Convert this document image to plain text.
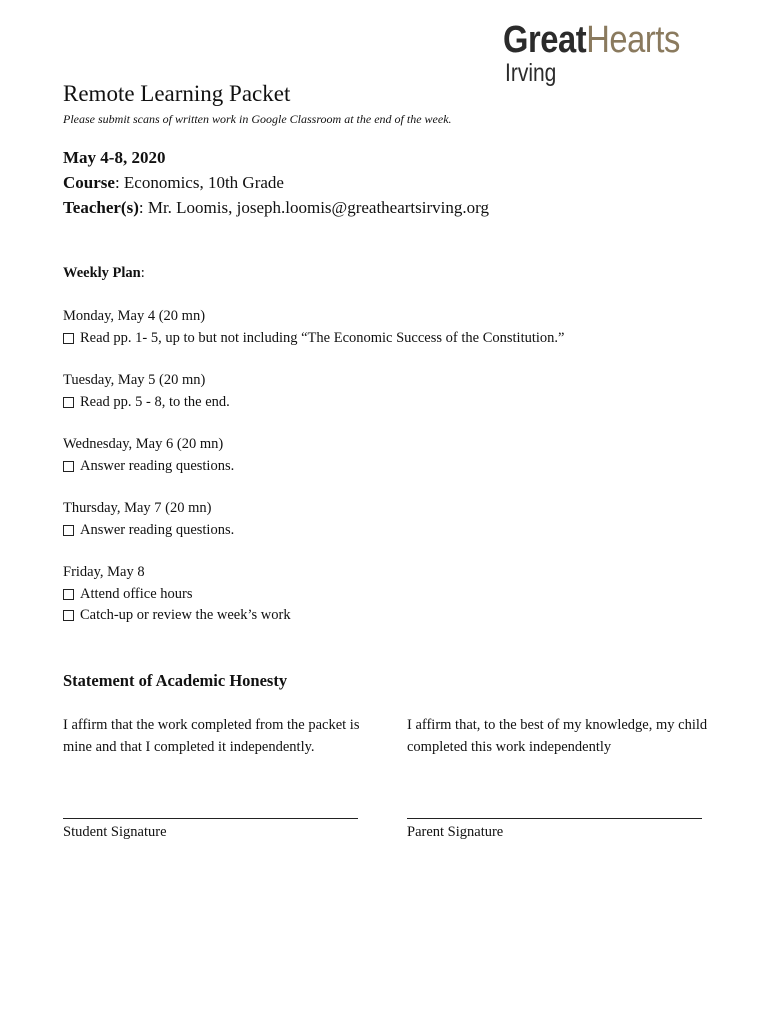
GreatHearts
Irving
Remote Learning Packet
Please submit scans of written work in Google Classroom at the end of the week.
May 4-8, 2020
Course: Economics, 10th Grade
Teacher(s): Mr. Loomis, joseph.loomis@greatheartsirving.org
Weekly Plan:
Monday, May 4 (20 mn)
Read pp. 1- 5, up to but not including “The Economic Success of the Constitution.”
Tuesday, May 5 (20 mn)
Read pp. 5 - 8, to the end.
Wednesday, May 6 (20 mn)
Answer reading questions.
Thursday, May 7 (20 mn)
Answer reading questions.
Friday, May 8
Attend office hours
Catch-up or review the week’s work
Statement of Academic Honesty
I affirm that the work completed from the packet is mine and that I completed it independently.
I affirm that, to the best of my knowledge, my child completed this work independently
Student Signature	Parent Signature
